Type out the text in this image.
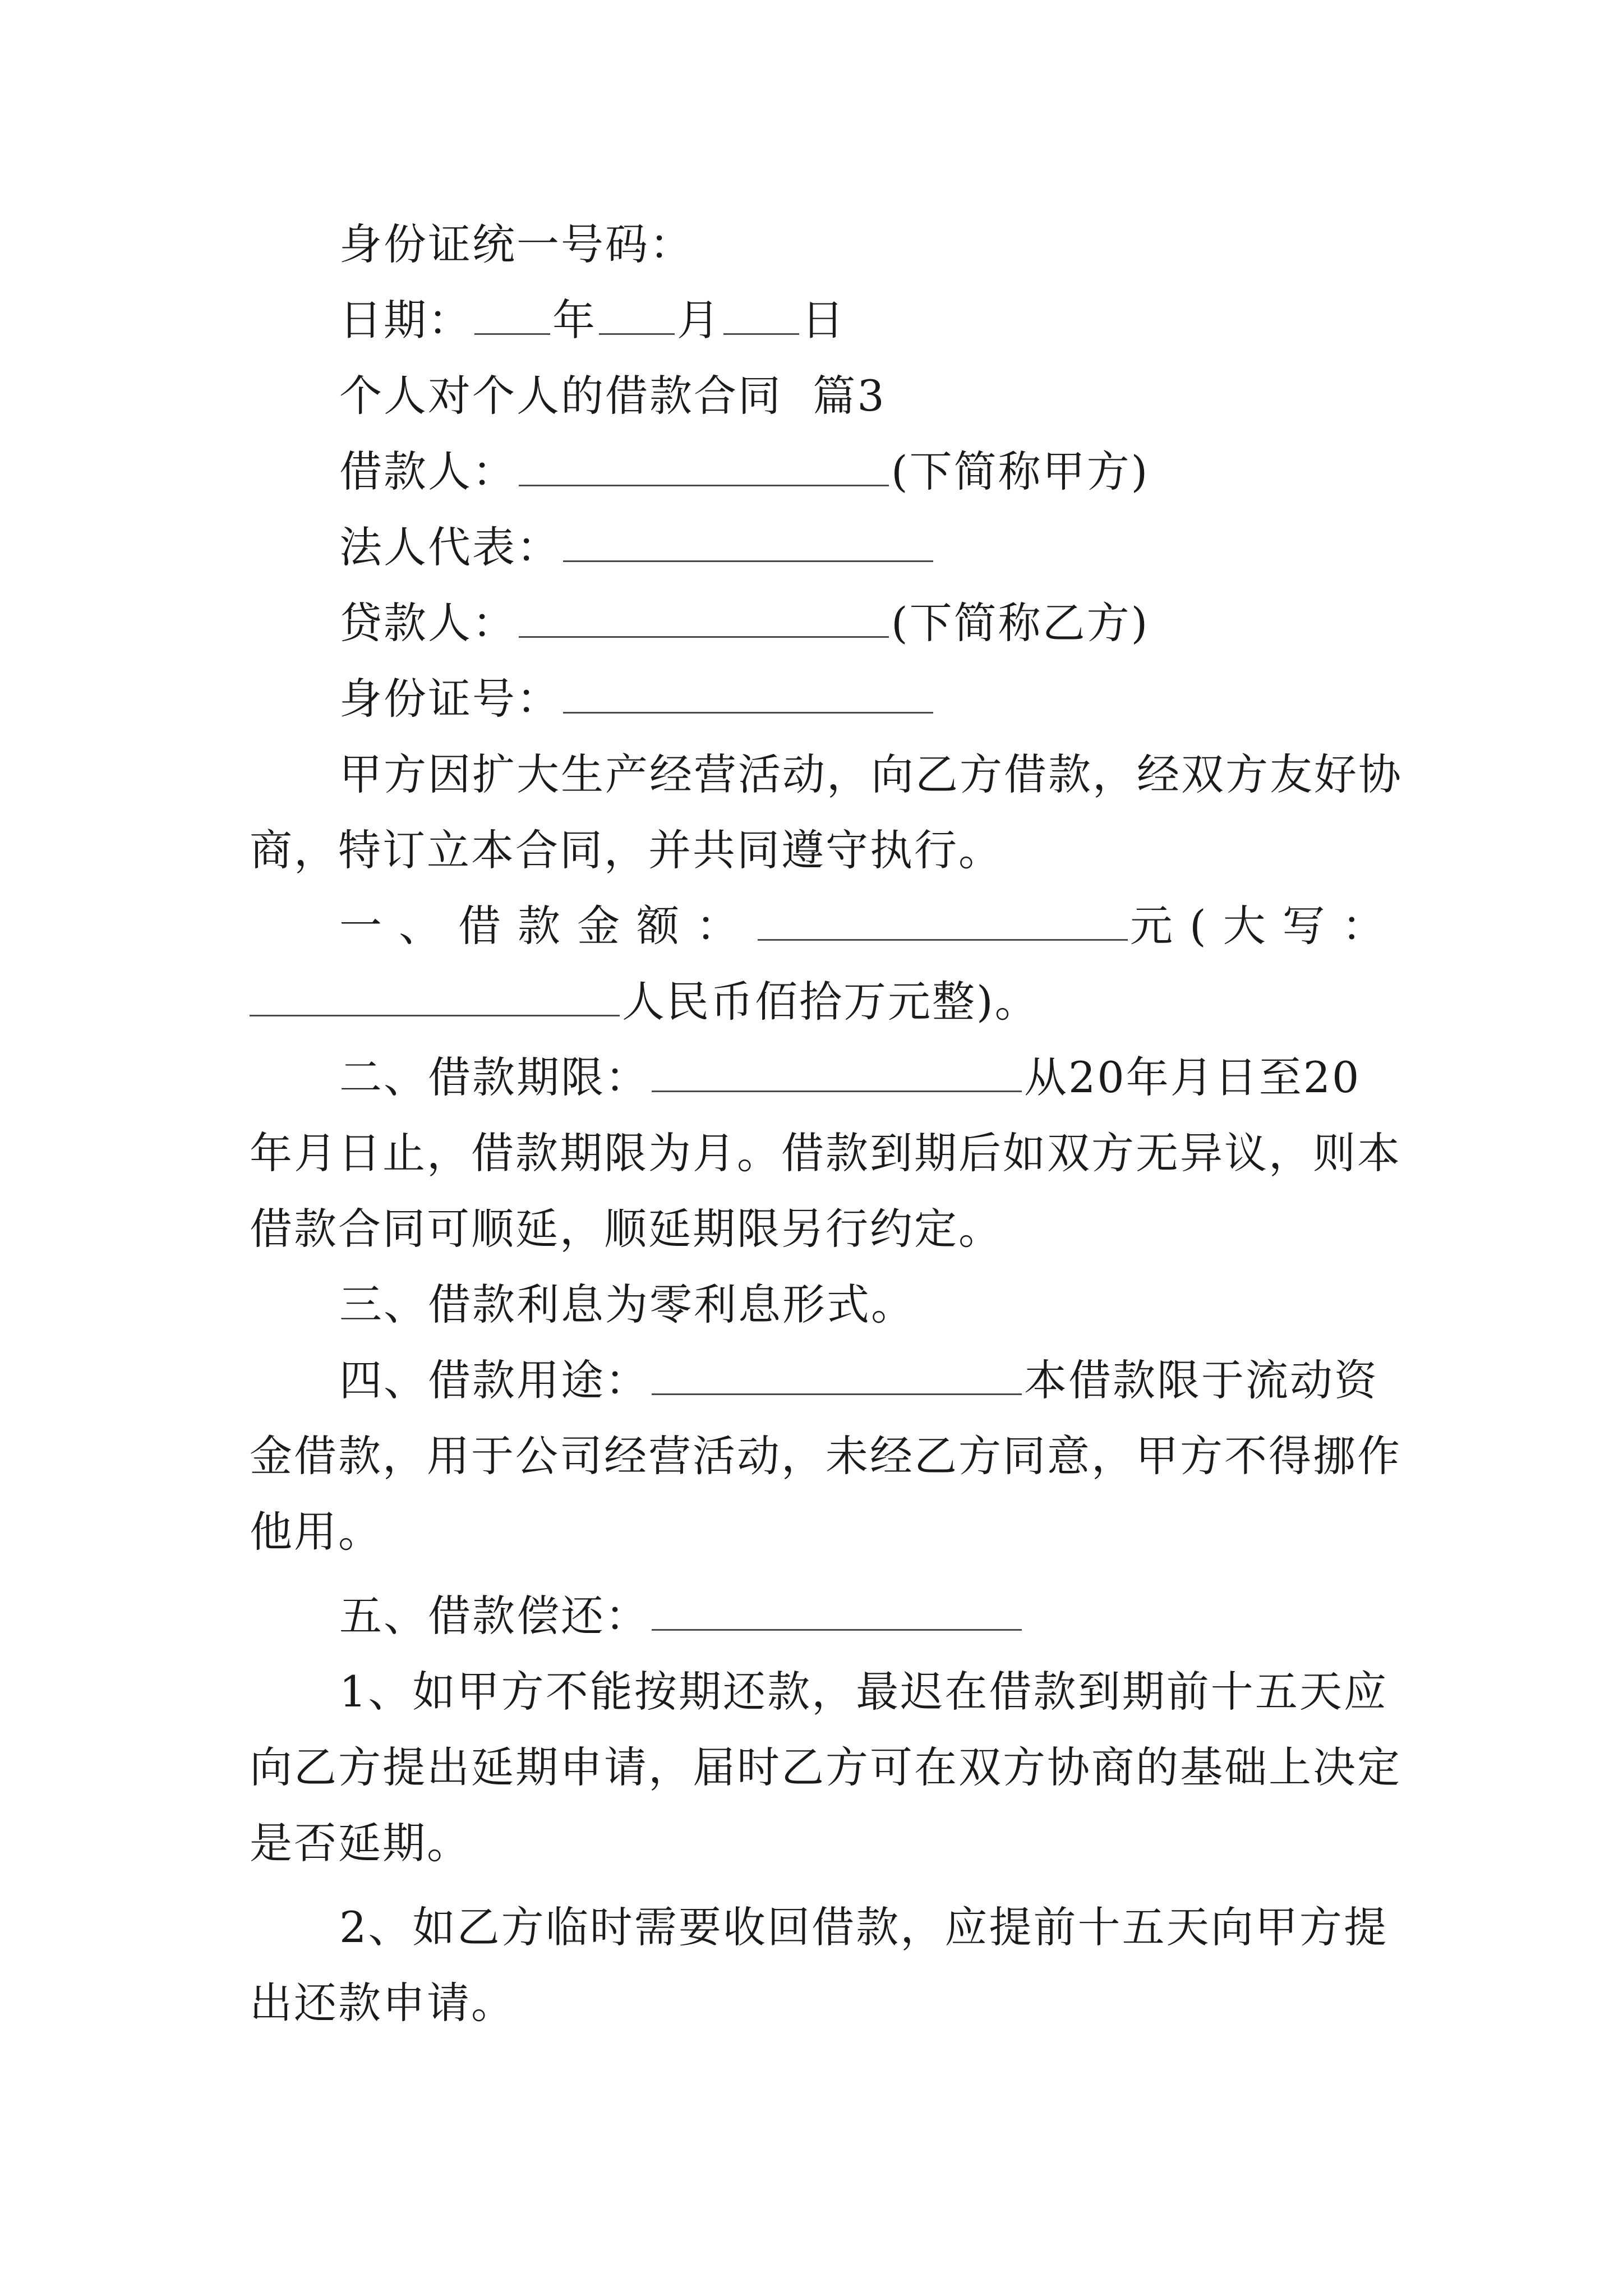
身份证统一号码：
日期： 年 月 日
个人对个人的借款合同 篇3
借款人：	(下简称甲方)
法人代表：
贷款人：	(下简称乙方)
身份证号：
甲方因扩大生产经营活动，向乙方借款，经双方友好协
商，特订立本合同，并共同遵守执行。
一、借款金额：	元(大写：
人民币佰拾万元整)。
二、借款期限：	从20年月日至20
年月日止，借款期限为月。借款到期后如双方无异议，则本
借款合同可顺延，顺延期限另行约定。
三、借款利息为零利息形式。
四、借款用途：	本借款限于流动资
金借款，用于公司经营活动，未经乙方同意，甲方不得挪作
他用。
五、借款偿还：
1、如甲方不能按期还款，最迟在借款到期前十五天应
向乙方提出延期申请，届时乙方可在双方协商的基础上决定
是否延期。
2、如乙方临时需要收回借款，应提前十五天向甲方提
出还款申请。
